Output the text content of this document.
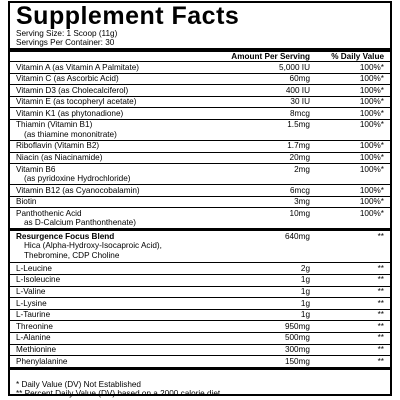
Supplement Facts
Serving Size: 1 Scoop (11g)
Servings Per Container: 30
Amount Per Serving	% Daily Value
Vitamin A (as Vitamin A Palmitate)	5,000 IU	100%*
Vitamin C (as Ascorbic Acid)	60mg	100%*
Vitamin D3 (as Cholecalciferol)	400 IU	100%*
Vitamin E (as tocopheryl acetate)	30 IU	100%*
Vitamin K1 (as phytonadione)	8mcg	100%*
Thiamin (Vitamin B1)
(as thiamine mononitrate)
1.5mg	100%*
Riboflavin (Vitamin B2)	1.7mg	100%*
Niacin (as Niacinamide)	20mg	100%*
Vitamin B6
(as pyridoxine Hydrochloride)
2mg	100%*
Vitamin B12 (as Cyanocobalamin)	6mcg	100%*
Biotin	3mg	100%*
Panthothenic Acid
as D-Calcium Panthonthenate)
10mg	100%*
Resurgence Focus Blend
Hica (Alpha-Hydroxy-Isocaproic Acid),
Thebromine, CDP Choline
640mg	**
L-Leucine	2g	**
L-Isoleucine	1g	**
L-Valine	1g	**
L-Lysine	1g	**
L-Taurine	1g	**
Threonine	950mg	**
L-Alanine	500mg	**
Methionine	300mg	**
Phenylalanine	150mg	**
* Daily Value (DV) Not Established
** Percent Daily Value (DV) based on a 2000 calorie diet.
